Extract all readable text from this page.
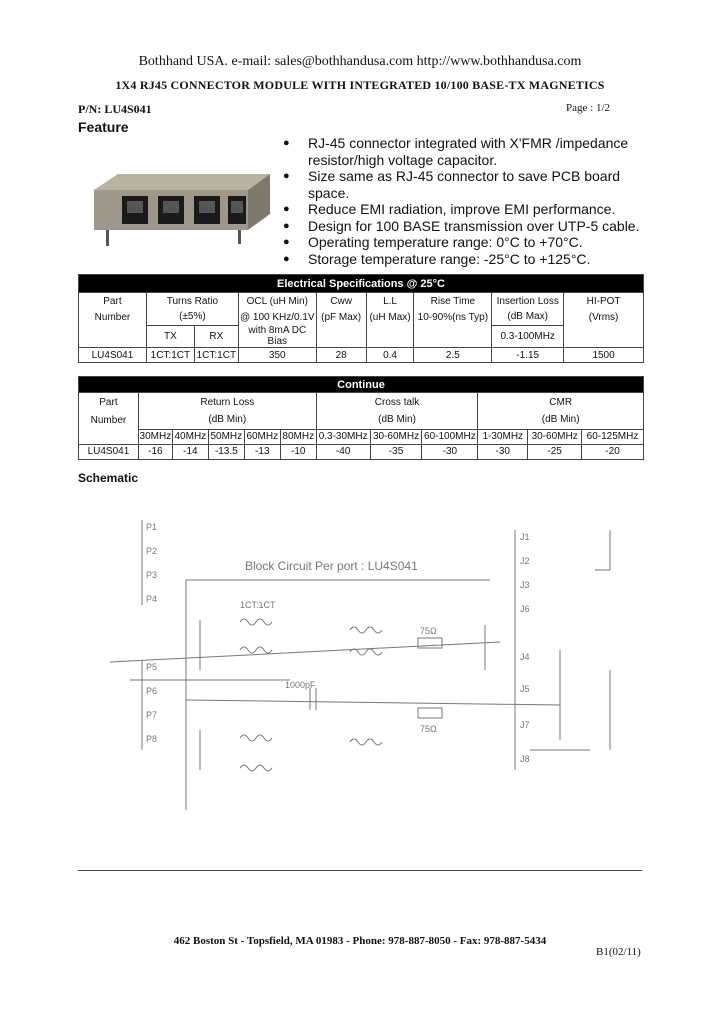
Bothhand USA. e-mail: sales@bothhandusa.com http://www.bothhandusa.com
1X4 RJ45 CONNECTOR MODULE WITH INTEGRATED 10/100 BASE-TX MAGNETICS
P/N: LU4S041	Page : 1/2
Feature
● RJ-45 connector integrated with X'FMR /impedance resistor/high voltage capacitor.
● Size same as RJ-45 connector to save PCB board space.
● Reduce EMI radiation, improve EMI performance.
● Design for 100 BASE transmission over UTP-5 cable.
● Operating temperature range: 0°C to +70°C.
● Storage temperature range: -25°C to +125°C.
Electrical Specifications @ 25°C								
Part	Turns Ratio		OCL (uH Min)	Cww	L.L	Rise Time	Insertion Loss	HI-POT
Number	(±5%)		@ 100 KHz/0.1V	(pF Max)	(uH Max)	10-90%(ns Typ)	(dB Max)	(Vrms)
	TX	RX	with 8mA DC Bias				0.3-100MHz	
LU4S041	1CT:1CT	1CT:1CT	350	28	0.4	2.5	-1.15	1500
Continue											
Part	Return Loss					Cross talk			CMR		
Number	(dB Min)					(dB Min)			(dB Min)		
	30MHz	40MHz	50MHz	60MHz	80MHz	0.3-30MHz	30-60MHz	60-100MHz	1-30MHz	30-60MHz	60-125MHz
LU4S041	-16	-14	-13.5	-13	-10	-40	-35	-30	-30	-25	-20
Schematic
Block Circuit Per port : LU4S041
1CT:1CT
1000pF
75Ω
75Ω
P1
P2
P3
P4
P5
P6
P7
P8
J1
J2
J3
J6
J4
J5
J7
J8
462 Boston St - Topsfield, MA 01983 - Phone: 978-887-8050 - Fax: 978-887-5434
B1(02/11)
